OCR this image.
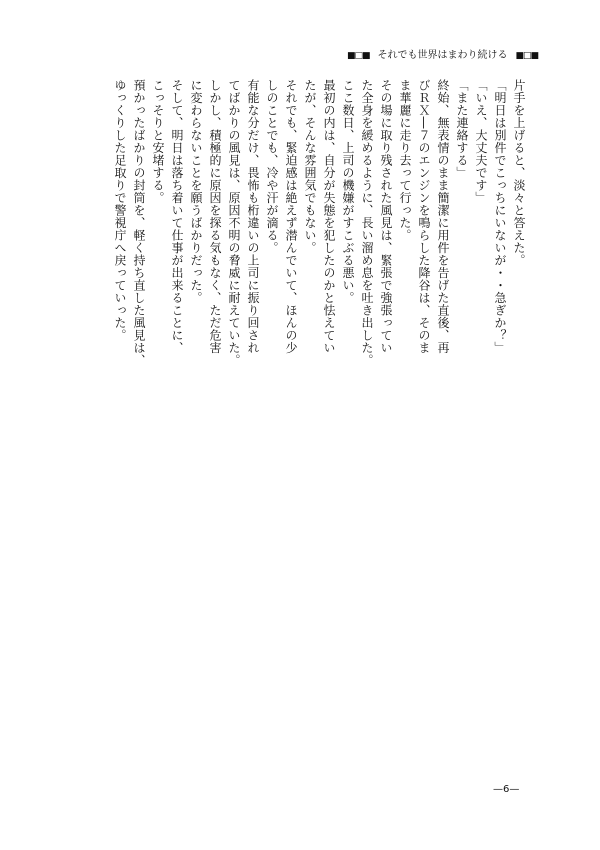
■□■ それでも世界はまわり続ける ■□■
片手を上げると、淡々と答えた。
「明日は別件でこっちにいないが・・急ぎか？」
「いえ、大丈夫です」
「また連絡する」
終始、無表情のまま簡潔に用件を告げた直後、再
びＲＸ―７のエンジンを鳴らした降谷は、そのま
ま華麗に走り去って行った。
その場に取り残された風見は、緊張で強張ってい
た全身を緩めるように、長い溜め息を吐き出した。
ここ数日、上司の機嫌がすこぶる悪い。
最初の内は、自分が失態を犯したのかと怯えてい
たが、そんな雰囲気でもない。
それでも、緊迫感は絶えず潜んでいて、ほんの少
しのことでも、冷や汗が滴る。
有能な分だけ、畏怖も桁違いの上司に振り回され
てばかりの風見は、原因不明の脅威に耐えていた。
しかし、積極的に原因を探る気もなく、ただ危害
に変わらないことを願うばかりだった。
そして、明日は落ち着いて仕事が出来ることに、
こっそりと安堵する。
預かったばかりの封筒を、軽く持ち直した風見は、
ゆっくりした足取りで警視庁へ戻っていった。
—6—
